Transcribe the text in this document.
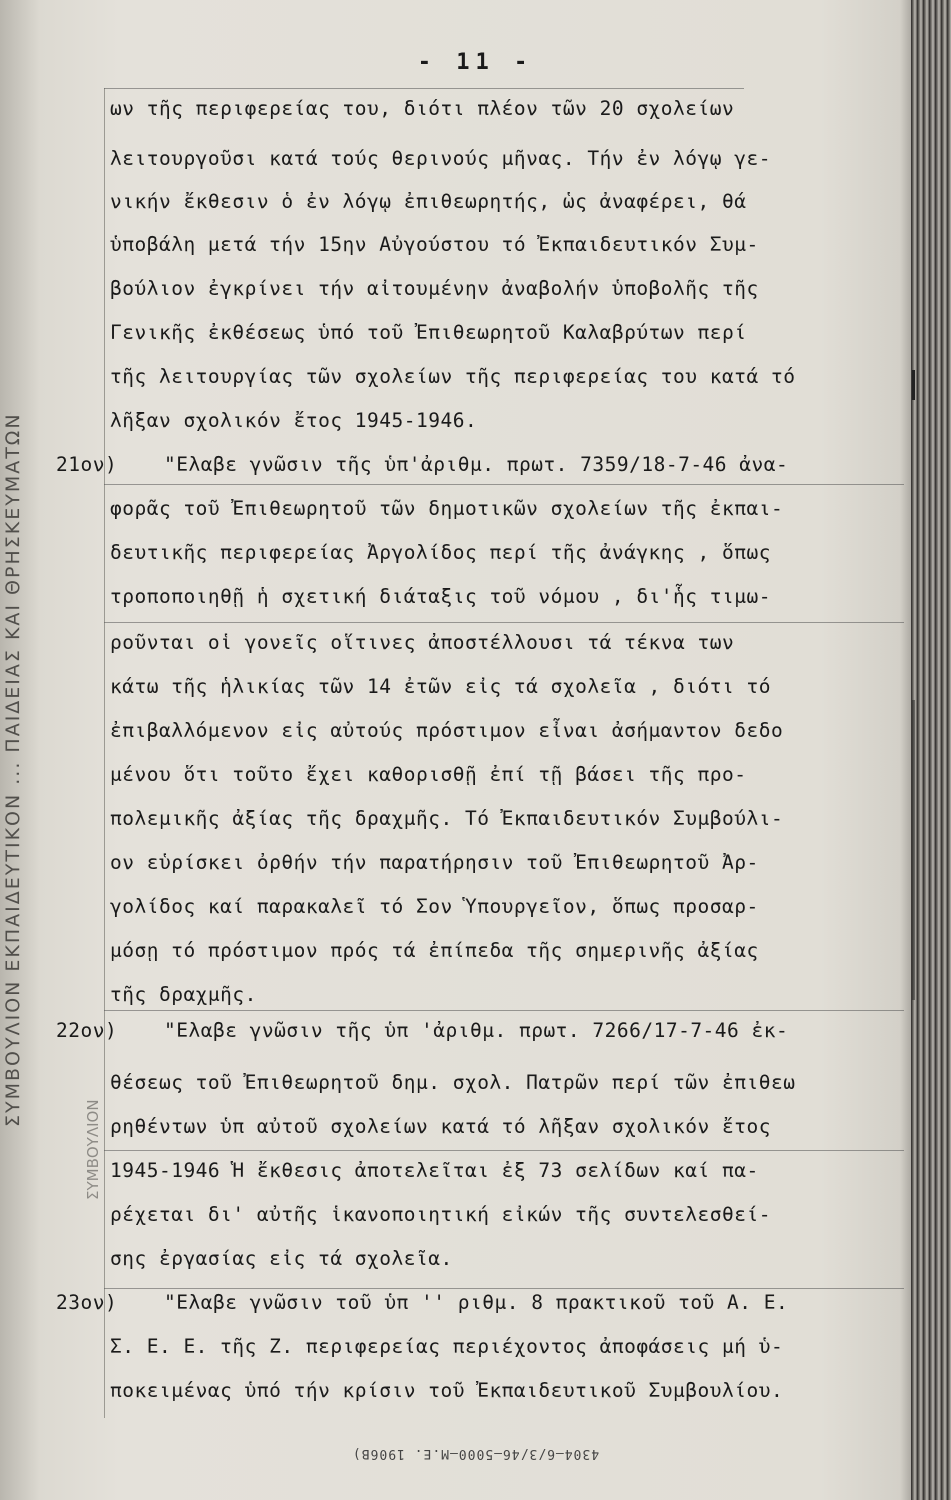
ΣΥΜΒΟΥΛΙΟΝ ΕΚΠΑΙΔΕΥΤΙΚΟΝ ... ΠΑΙΔΕΙΑΣ ΚΑΙ ΘΡΗΣΚΕΥΜΑΤΩΝ
ΣΥΜΒΟΥΛΙΟΝ
- 11 -
ων τῆς περιφερείας του, διότι πλέον τῶν 20 σχολείων
λειτουργοῦσι κατά τούς θερινούς μῆνας. Τήν ἐν λόγῳ γε-
νικήν ἔκθεσιν ὁ ἐν λόγῳ ἐπιθεωρητής, ὡς ἀναφέρει, θά
ὑποβάλη μετά τήν 15ην Αὐγούστου τό Ἐκπαιδευτικόν Συμ-
βούλιον ἐγκρίνει τήν αἰτουμένην ἀναβολήν ὑποβολῆς τῆς
Γενικῆς ἐκθέσεως ὑπό τοῦ Ἐπιθεωρητοῦ Καλαβρύτων περί
τῆς λειτουργίας τῶν σχολείων τῆς περιφερείας του κατά τό
λῆξαν σχολικόν ἔτος 1945-1946.
21ον) "Ελαβε γνῶσιν τῆς ὑπ'ἀριθμ. πρωτ. 7359/18-7-46 ἀνα-
φορᾶς τοῦ Ἐπιθεωρητοῦ τῶν δημοτικῶν σχολείων τῆς ἐκπαι-
δευτικῆς περιφερείας Ἀργολίδος περί τῆς ἀνάγκης , ὅπως
τροποποιηθῇ ἡ σχετική διάταξις τοῦ νόμου , δι'ἧς τιμω-
ροῦνται οἱ γονεῖς οἵτινες ἀποστέλλουσι τά τέκνα των
κάτω τῆς ἡλικίας τῶν 14 ἐτῶν εἰς τά σχολεῖα , διότι τό
ἐπιβαλλόμενον εἰς αὐτούς πρόστιμον εἶναι ἀσήμαντον δεδο
μένου ὅτι τοῦτο ἔχει καθορισθῇ ἐπί τῇ βάσει τῆς προ-
πολεμικῆς ἀξίας τῆς δραχμῆς. Τό Ἐκπαιδευτικόν Συμβούλι-
ον εὑρίσκει ὀρθήν τήν παρατήρησιν τοῦ Ἐπιθεωρητοῦ Ἀρ-
γολίδος καί παρακαλεῖ τό Σον Ὑπουργεῖον, ὅπως προσαρ-
μόσῃ τό πρόστιμον πρός τά ἐπίπεδα τῆς σημερινῆς ἀξίας
τῆς δραχμῆς.
22ον) "Ελαβε γνῶσιν τῆς ὑπ 'ἀριθμ. πρωτ. 7266/17-7-46 ἐκ-
θέσεως τοῦ Ἐπιθεωρητοῦ δημ. σχολ. Πατρῶν περί τῶν ἐπιθεω
ρηθέντων ὑπ αὐτοῦ σχολείων κατά τό λῆξαν σχολικόν ἔτος
1945-1946 Ἡ ἔκθεσις ἀποτελεῖται ἐξ 73 σελίδων καί πα-
ρέχεται δι' αὐτῆς ἱκανοποιητική εἰκών τῆς συντελεσθεί-
σης ἐργασίας εἰς τά σχολεῖα.
23ον) "Ελαβε γνῶσιν τοῦ ὑπ '' ριθμ. 8 πρακτικοῦ τοῦ Α. Ε.
Σ. Ε. Ε. τῆς Ζ. περιφερείας περιέχοντος ἀποφάσεις μή ὑ-
ποκειμένας ὑπό τήν κρίσιν τοῦ Ἐκπαιδευτικοῦ Συμβουλίου.
4304—6/3/46—5000—Μ.Ε. 1906Β)
